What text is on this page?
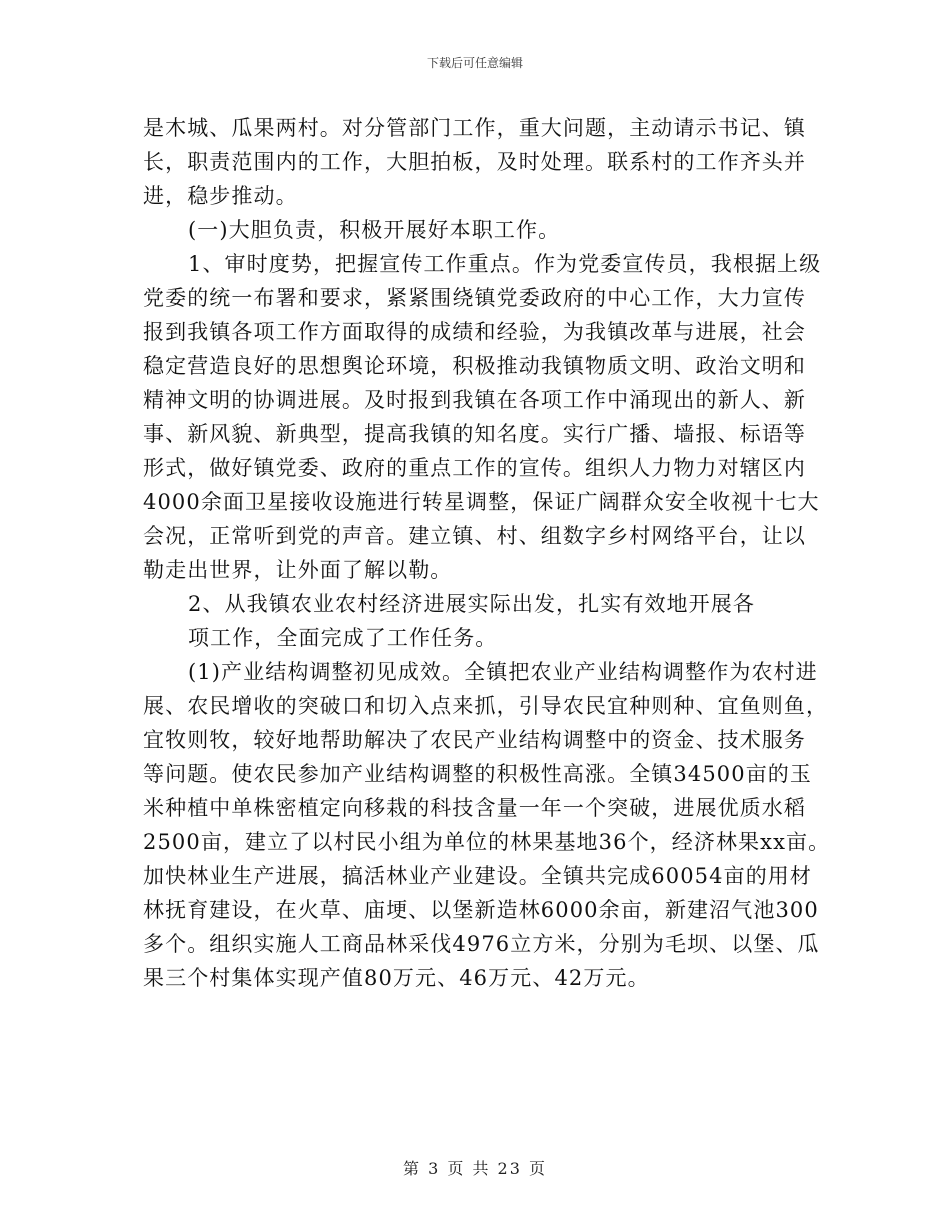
下载后可任意编辑
是木城、瓜果两村。对分管部门工作，重大问题，主动请示书记、镇
长，职责范围内的工作，大胆拍板，及时处理。联系村的工作齐头并
进，稳步推动。
(一)大胆负责，积极开展好本职工作。
1、审时度势，把握宣传工作重点。作为党委宣传员，我根据上级
党委的统一布署和要求，紧紧围绕镇党委政府的中心工作，大力宣传
报到我镇各项工作方面取得的成绩和经验，为我镇改革与进展，社会
稳定营造良好的思想舆论环境，积极推动我镇物质文明、政治文明和
精神文明的协调进展。及时报到我镇在各项工作中涌现出的新人、新
事、新风貌、新典型，提高我镇的知名度。实行广播、墙报、标语等
形式，做好镇党委、政府的重点工作的宣传。组织人力物力对辖区内
4000余面卫星接收设施进行转星调整，保证广阔群众安全收视十七大
会况，正常听到党的声音。建立镇、村、组数字乡村网络平台，让以
勒走出世界，让外面了解以勒。
2、从我镇农业农村经济进展实际出发，扎实有效地开展各
项工作，全面完成了工作任务。
(1)产业结构调整初见成效。全镇把农业产业结构调整作为农村进
展、农民增收的突破口和切入点来抓，引导农民宜种则种、宜鱼则鱼，
宜牧则牧，较好地帮助解决了农民产业结构调整中的资金、技术服务
等问题。使农民参加产业结构调整的积极性高涨。全镇34500亩的玉
米种植中单株密植定向移栽的科技含量一年一个突破，进展优质水稻
2500亩，建立了以村民小组为单位的林果基地36个，经济林果xx亩。
加快林业生产进展，搞活林业产业建设。全镇共完成60054亩的用材
林抚育建设，在火草、庙埂、以堡新造林6000余亩，新建沼气池300
多个。组织实施人工商品林采伐4976立方米，分别为毛坝、以堡、瓜
果三个村集体实现产值80万元、46万元、42万元。
第 3 页 共 23 页
